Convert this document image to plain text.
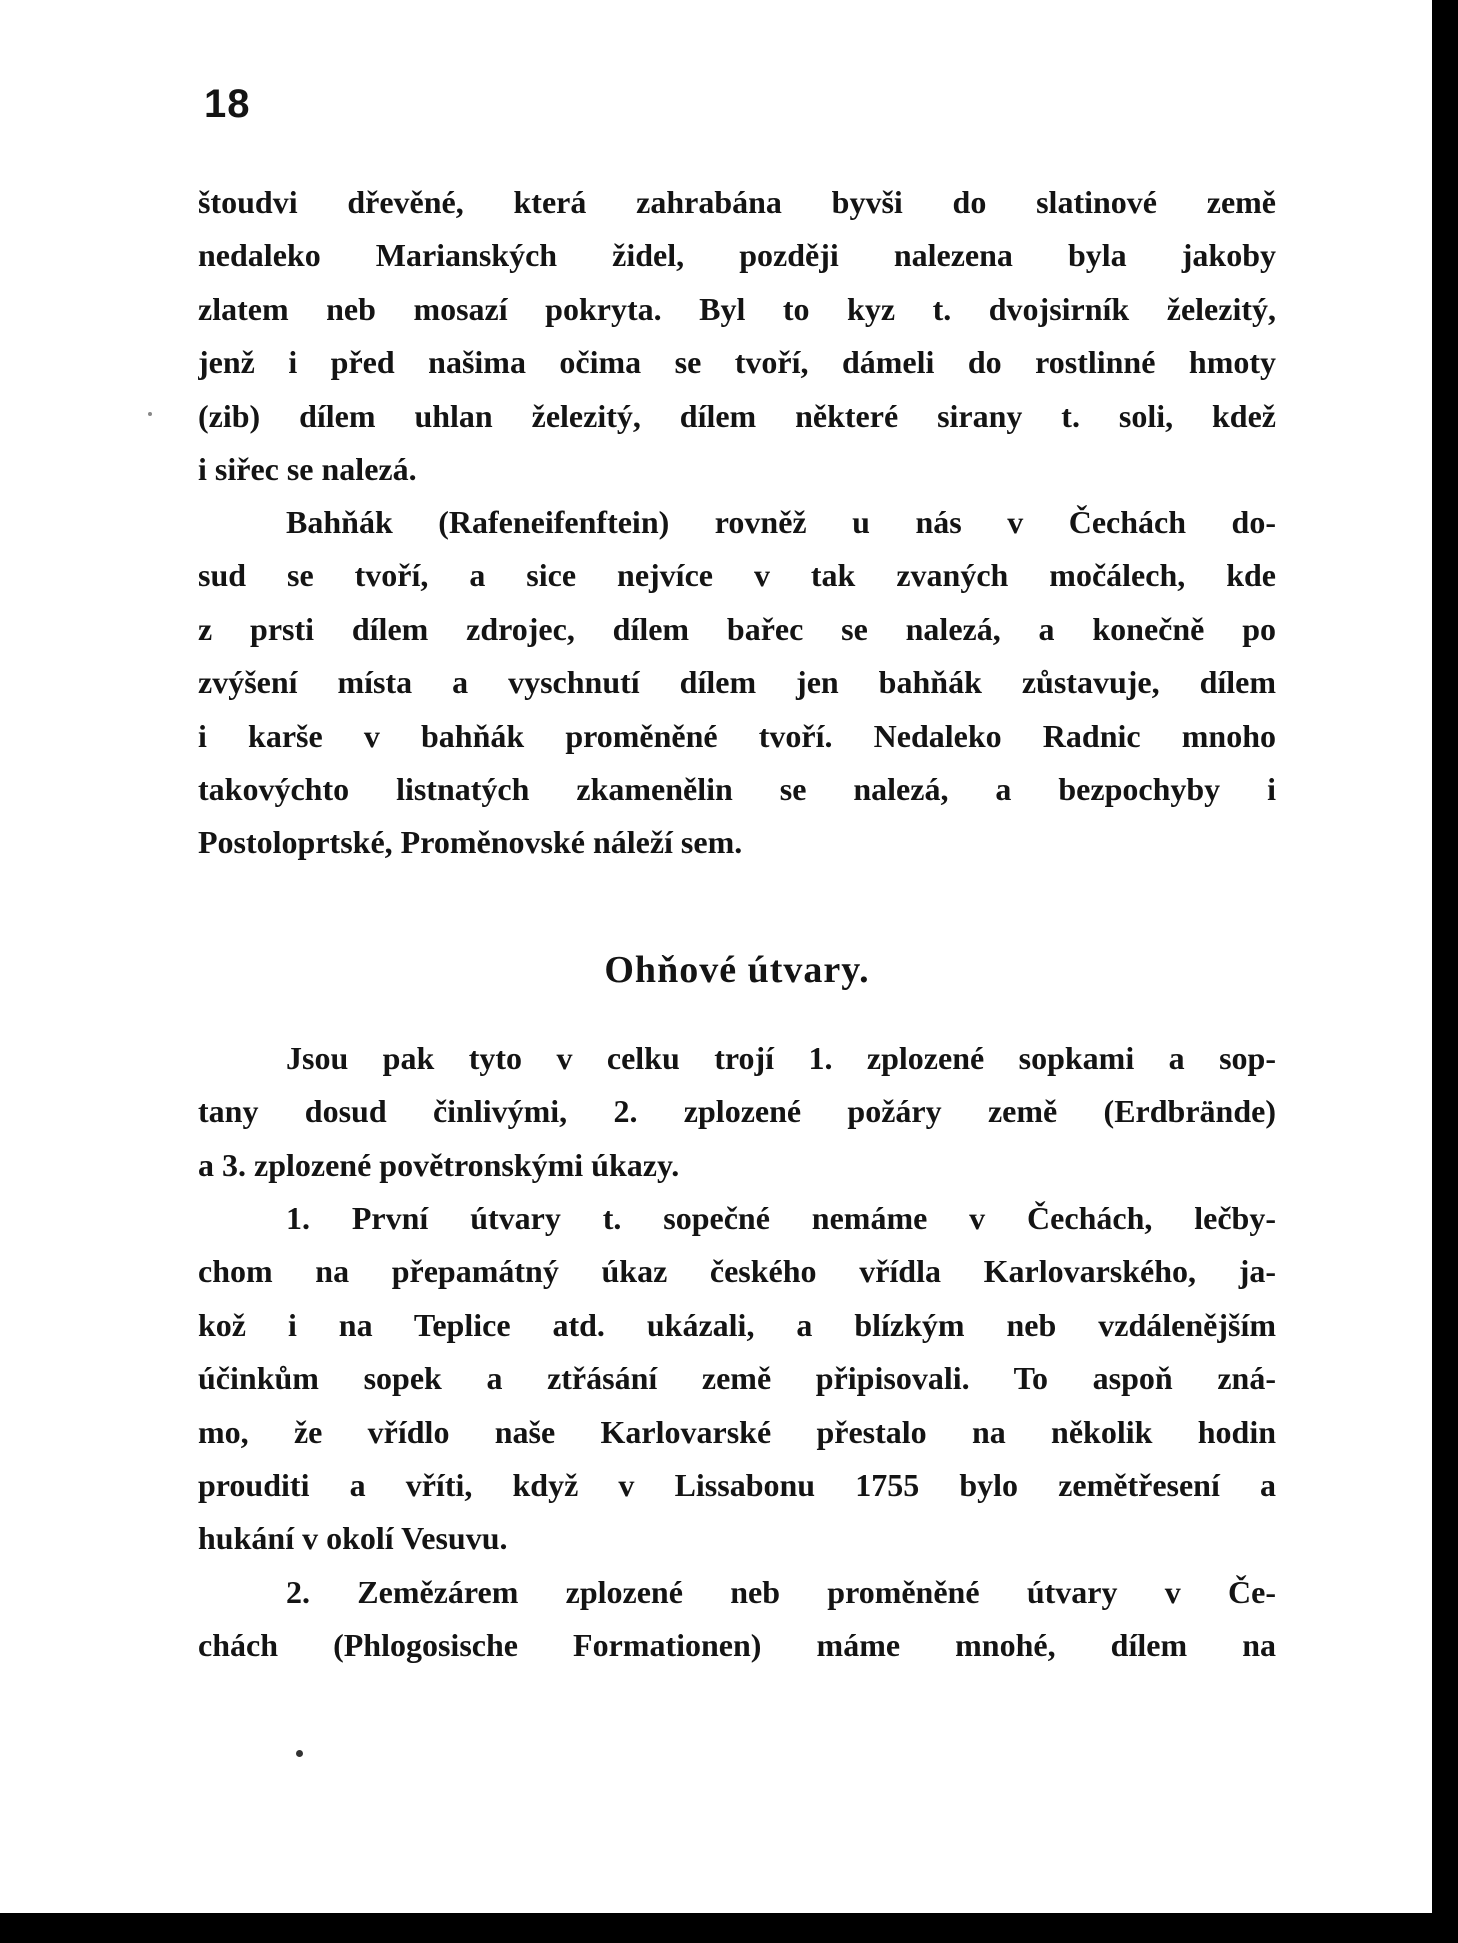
18
štoudvi dřevěné, která zahrabána byvši do slatinové země
nedaleko Marianských židel, později nalezena byla jakoby
zlatem neb mosazí pokryta. Byl to kyz t. dvojsirník železitý,
jenž i před našima očima se tvoří, dámeli do rostlinné hmoty
(zib) dílem uhlan železitý, dílem některé sirany t. soli, kdež
i siřec se nalezá.
Bahňák (Rafeneifenftein) rovněž u nás v Čechách do-
sud se tvoří, a sice nejvíce v tak zvaných močálech, kde
z prsti dílem zdrojec, dílem bařec se nalezá, a konečně po
zvýšení místa a vyschnutí dílem jen bahňák zůstavuje, dílem
i karše v bahňák proměněné tvoří. Nedaleko Radnic mnoho
takovýchto listnatých zkamenělin se nalezá, a bezpochyby i
Postoloprtské, Proměnovské náleží sem.
Ohňové útvary.
Jsou pak tyto v celku trojí 1. zplozené sopkami a sop-
tany dosud činlivými, 2. zplozené požáry země (Erdbrände)
a 3. zplozené povětronskými úkazy.
1. První útvary t. sopečné nemáme v Čechách, lečby-
chom na přepamátný úkaz českého vřídla Karlovarského, ja-
kož i na Teplice atd. ukázali, a blízkým neb vzdálenějším
účinkům sopek a ztřásání země připisovali. To aspoň zná-
mo, že vřídlo naše Karlovarské přestalo na několik hodin
prouditi a vříti, když v Lissabonu 1755 bylo zemětřesení a
hukání v okolí Vesuvu.
2. Zemězárem zplozené neb proměněné útvary v Če-
chách (Phlogosische Formationen) máme mnohé, dílem na
